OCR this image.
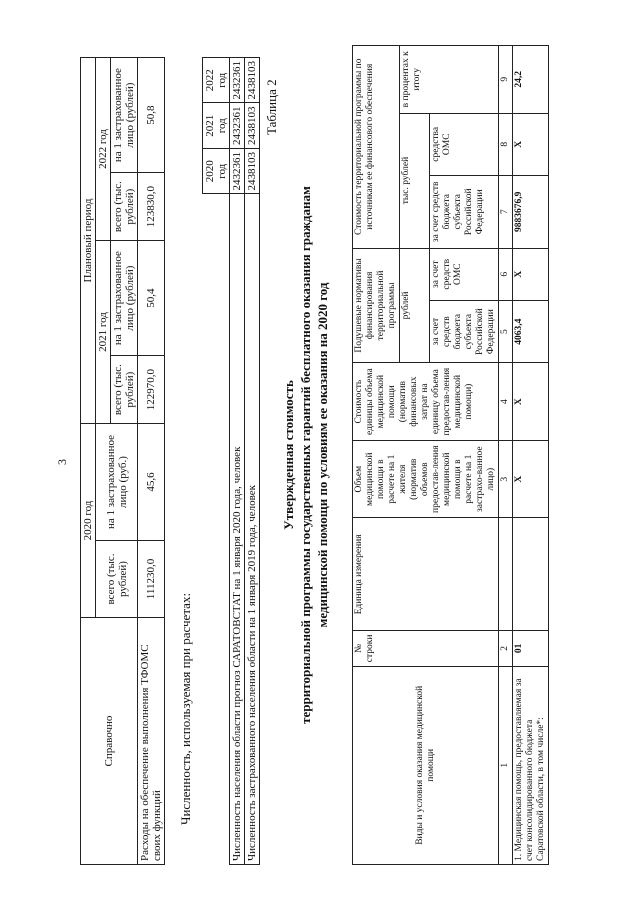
3
Справочно	2020 год		Плановый период			
	всего (тыс. рублей)	на 1 застрахованное лицо (руб.)	2021 год		2022 год	
			всего (тыс. рублей)	на 1 застрахованное лицо (рублей)	всего (тыс. рублей)	на 1 застрахованное лицо (рублей)
Расходы на обеспечение выполнения ТФОМС своих функций	111230,0	45,6	122970,0	50,4	123830,0	50,8
Численность, используемая при расчетах:
	2020 год	2021 год	2022 год
Численность населения области прогноз САРАТОВСТАТ на 1 января 2020 года, человек	2432361	2432361	2432361
Численность застрахованного населения области на 1 января 2019 года, человек	2438103	2438103	2438103 Таблица 2
Утвержденная стоимость территориальной программы государственных гарантий бесплатного оказания гражданам медицинской помощи по условиям ее оказания на 2020 год
Виды и условия оказания медицинской помощи	№ строки	Единица измерения	Объем медицинской помощи в расчете на 1 жителя (норматив объемов предостав-ления медицинской помощи в расчете на 1 застрахо-ванное лицо)	Стоимость единицы объема медицинской помощи (норматив финансовых затрат на единицу объема предостав-ления медицинской помощи)	Подушевые нормативы финансирования территориальной программы		Стоимость территориальной программы по источникам ее финансового обеспечения		
					рублей		тыс. рублей		в процентах к итогу
					за счет средств бюджета субъекта Российской Федерации	за счет средств ОМС	за счет средств бюджета субъекта Российской Федерации	средства ОМС	
1	2		3	4	5	6	7	8	9
1. Медицинская помощь, предоставляемая за счет консолидированного бюджета Саратовской области, в том числе*:	01		Х	Х	4063,4	Х	9883676,9	Х	24,2
